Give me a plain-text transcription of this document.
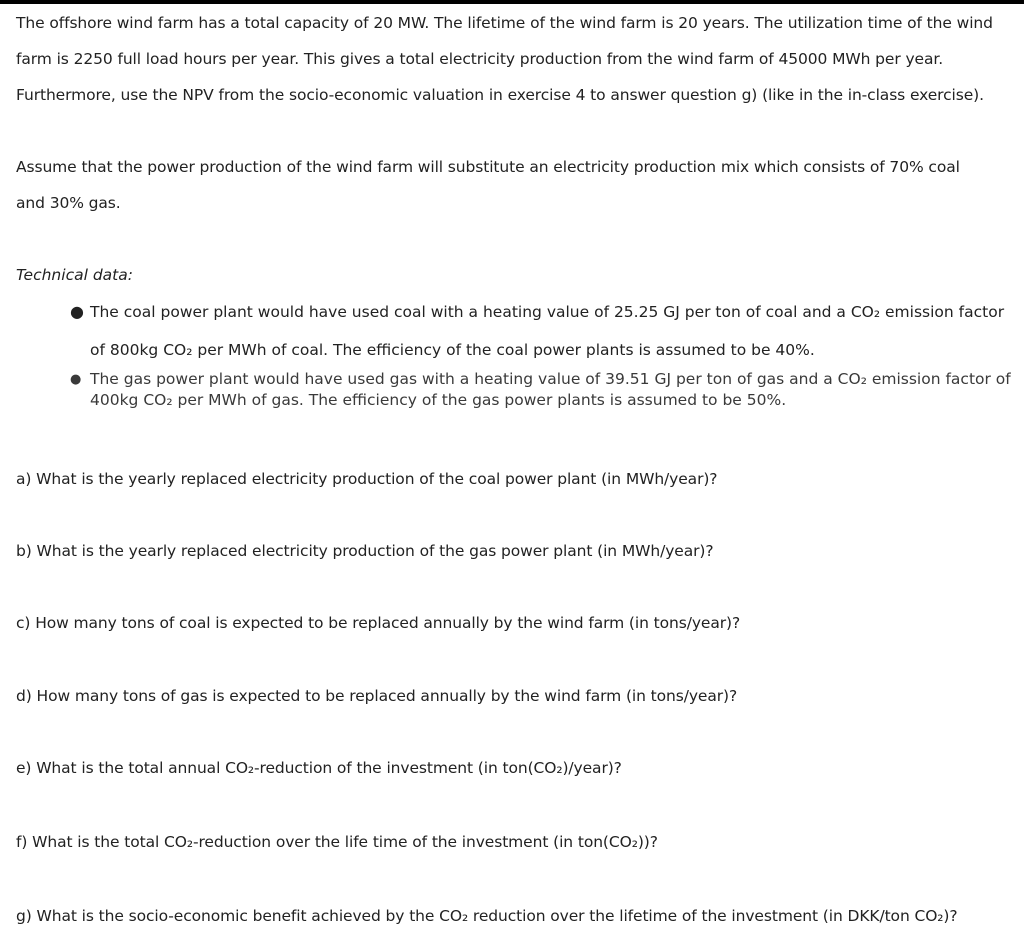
The offshore wind farm has a total capacity of 20 MW. The lifetime of the wind farm is 20 years. The utilization time of the wind

farm is 2250 full load hours per year. This gives a total electricity production from the wind farm of 45000 MWh per year.

Furthermore, use the NPV from the socio-economic valuation in exercise 4 to answer question g) (like in the in-class exercise).

Assume that the power production of the wind farm will substitute an electricity production mix which consists of 70% coal

and 30% gas.

Technical data:

● The coal power plant would have used coal with a heating value of 25.25 GJ per ton of coal and a CO₂ emission factor
of 800kg CO₂ per MWh of coal. The efficiency of the coal power plants is assumed to be 40%.
● The gas power plant would have used gas with a heating value of 39.51 GJ per ton of gas and a CO₂ emission factor of
400kg CO₂ per MWh of gas. The efficiency of the gas power plants is assumed to be 50%.

a) What is the yearly replaced electricity production of the coal power plant (in MWh/year)?

b) What is the yearly replaced electricity production of the gas power plant (in MWh/year)?

c) How many tons of coal is expected to be replaced annually by the wind farm (in tons/year)?

d) How many tons of gas is expected to be replaced annually by the wind farm (in tons/year)?

e) What is the total annual CO₂-reduction of the investment (in ton(CO₂)/year)?

f) What is the total CO₂-reduction over the life time of the investment (in ton(CO₂))?

g) What is the socio-economic benefit achieved by the CO₂ reduction over the lifetime of the investment (in DKK/ton CO₂)?
